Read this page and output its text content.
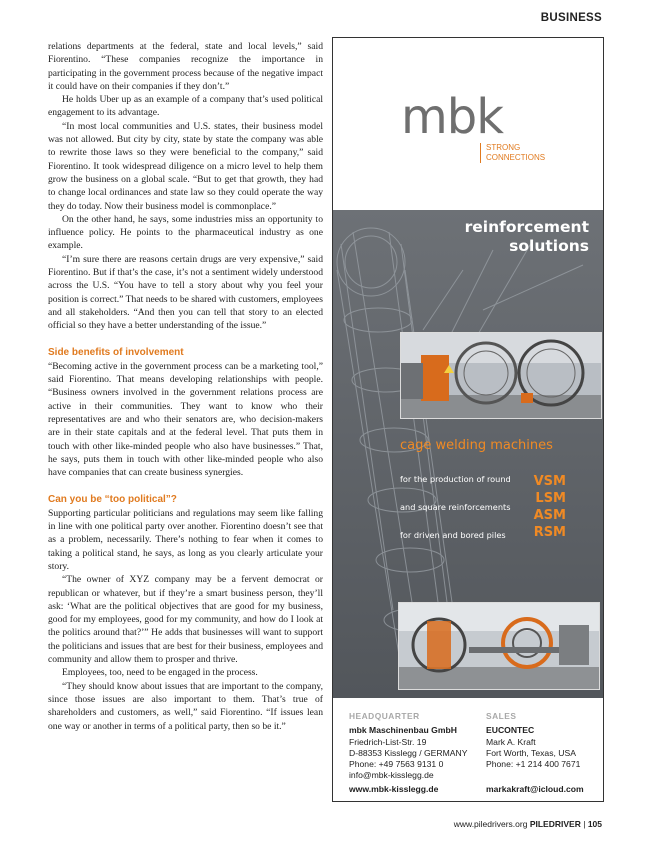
BUSINESS

relations departments at the federal, state and local levels,” said Fiorentino. “These companies recognize the importance in participating in the government process because of the negative impact it could have on their companies if they don’t.”

He holds Uber up as an example of a company that’s used political engagement to its advantage.

“In most local communities and U.S. states, their business model was not allowed. But city by city, state by state the company was able to rewrite those laws so they were beneficial to the company,” said Fiorentino. It took widespread diligence on a micro level to help them grow the business on a global scale. “But to get that growth, they had to change local ordinances and state law so they could operate the way they do today. Now their business model is commonplace.”

On the other hand, he says, some industries miss an opportunity to influence policy. He points to the pharmaceutical industry as one example.

“I’m sure there are reasons certain drugs are very expensive,” said Fiorentino. But if that’s the case, it’s not a sentiment widely understood across the U.S. “You have to tell a story about why you feel your position is correct.” That needs to be shared with customers, employees and all stakeholders. “And then you can tell that story to an elected official so they have a better understanding of the issue.”

Side benefits of involvement

“Becoming active in the government process can be a marketing tool,” said Fiorentino. That means developing relationships with people. “Business owners involved in the government relations process are active in their communities. They want to know who their representatives are and who their senators are, who decision-makers are in their state capitals and at the federal level. That puts them in touch with other like-minded people who also have businesses.” That, he says, puts them in touch with other like-minded people who also have companies that can create business synergies.

Can you be “too political”?

Supporting particular politicians and regulations may seem like falling in line with one political party over another. Fiorentino doesn’t see that as a problem, necessarily. There’s nothing to fear when it comes to taking a political stand, he says, as long as you clearly articulate your story.

“The owner of XYZ company may be a fervent democrat or republican or whatever, but if they’re a smart business person, they’ll ask: ‘What are the political objectives that are good for my business, good for my employees, good for my community, and how do I look at the politics around that?’” He adds that businesses will want to support the politicians and issues that are best for their business, employees and community and allow them to prosper and thrive.

Employees, too, need to be engaged in the process.

“They should know about issues that are important to the company, since those issues are also important to them. That’s true of shareholders and customers, as well,” said Fiorentino. “If issues lean one way or another in terms of a political party, then so be it.”

mbk
STRONG
CONNECTIONS
reinforcement
solutions
cage welding machines
for the production of round
and square reinforcements
for driven and bored piles
VSM
LSM
ASM
RSM
HEADQUARTER
mbk Maschinenbau GmbH
Friedrich-List-Str. 19
D-88353 Kisslegg / GERMANY
Phone: +49 7563 9131 0
info@mbk-kisslegg.de
www.mbk-kisslegg.de
SALES
EUCONTEC
Mark A. Kraft
Fort Worth, Texas, USA
Phone: +1 214 400 7671
markakraft@icloud.com
www.piledrivers.org PILEDRIVER | 105
